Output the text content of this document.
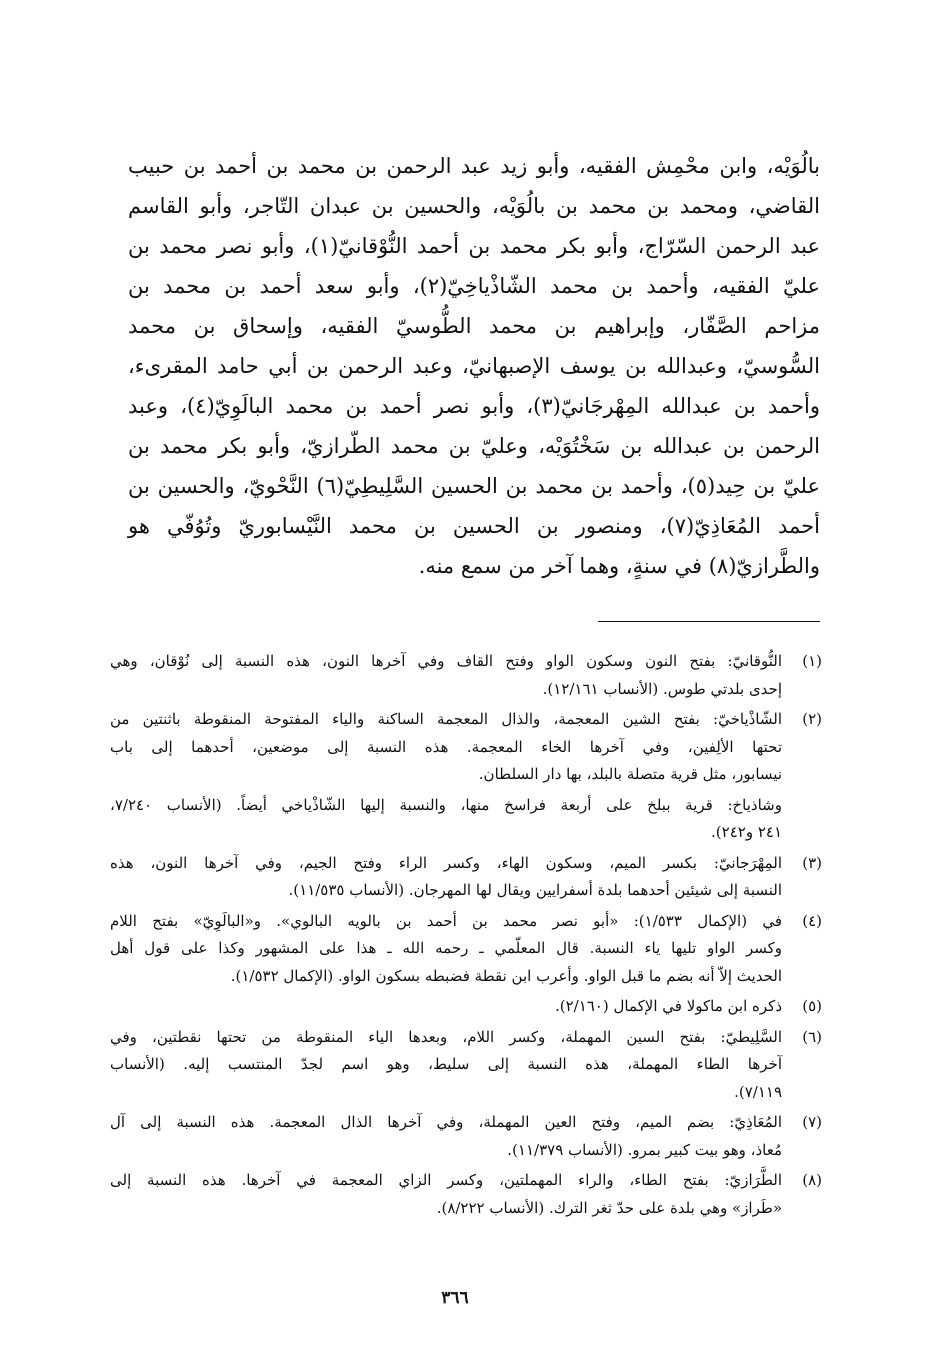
بالُوَيْه، وابن محْمِش الفقيه، وأبو زيد عبد الرحمن بن محمد بن أحمد بن حبيب
القاضي، ومحمد بن محمد بن بالُوَيْه، والحسين بن عبدان التّاجر، وأبو القاسم
عبد الرحمن السّرّاج، وأبو بكر محمد بن أحمد النُّوْقانيّ(١)، وأبو نصر محمد بن
عليّ الفقيه، وأحمد بن محمد الشّاذْياخِيّ(٢)، وأبو سعد أحمد بن محمد بن
مزاحم الصَّفّار، وإبراهيم بن محمد الطُّوسيّ الفقيه، وإسحاق بن محمد
السُّوسيّ، وعبدالله بن يوسف الإصبهانيّ، وعبد الرحمن بن أبي حامد المقرىء،
وأحمد بن عبدالله المِهْرجَانيّ(٣)، وأبو نصر أحمد بن محمد البالَوِيّ(٤)، وعبد
الرحمن بن عبدالله بن سَخْتُوَيْه، وعليّ بن محمد الطّرازيّ، وأبو بكر محمد بن
عليّ بن حِيد(٥)، وأحمد بن محمد بن الحسين السَّلِيطِيّ(٦) النَّحْويّ، والحسين بن
أحمد المُعَاذِيّ(٧)، ومنصور بن الحسين بن محمد النَّيْسابوريّ وتُوُفّي هو
والطَّرازيّ(٨) في سنةٍ، وهما آخر من سمع منه.
(١)
النُّوقانيّ: بفتح النون وسكون الواو وفتح القاف وفي آخرها النون، هذه النسبة إلى نُوْقان، وهي
إحدى بلدتي طوس. (الأنساب ١٢/١٦١).
(٢)
الشّاذْياخيّ: بفتح الشين المعجمة، والذال المعجمة الساكنة والياء المفتوحة المنقوطة باثنتين من
تحتها الألِفين، وفي آخرها الخاء المعجمة. هذه النسبة إلى موضعين، أحدهما إلى باب
نيسابور، مثل قرية متصلة بالبلد، بها دار السلطان.
وشاذياخ: قرية ببلخ على أربعة فراسخ منها، والنسبة إليها الشّاذْياخي أيضاً. (الأنساب ٧/٢٤٠،
٢٤١ و٢٤٢).
(٣)
المِهْرَجانيّ: بكسر الميم، وسكون الهاء، وكسر الراء وفتح الجيم، وفي آخرها النون، هذه
النسبة إلى شيئين أحدهما بلدة أسفرايين ويقال لها المهرجان. (الأنساب ١١/٥٣٥).
(٤)
في (الإكمال ١/٥٣٣): «أبو نصر محمد بن أحمد بن بالويه البالوي». و«البالَوِيّ» بفتح اللام
وكسر الواو تليها ياء النسبة. قال المعلّمي ـ رحمه الله ـ هذا على المشهور وكذا على قول أهل
الحديث إلاّ أنه بضم ما قبل الواو. وأعرب ابن نقطة فضبطه بسكون الواو. (الإكمال ١/٥٣٢).
(٥)
ذكره ابن ماكولا في الإكمال (٢/١٦٠).
(٦)
السَّلِيطيّ: بفتح السين المهملة، وكسر اللام، وبعدها الياء المنقوطة من تحتها نقطتين، وفي
آخرها الطاء المهملة، هذه النسبة إلى سليط، وهو اسم لجدّ المنتسب إليه. (الأنساب
٧/١١٩).
(٧)
المُعَاذِيّ: بضم الميم، وفتح العين المهملة، وفي آخرها الذال المعجمة. هذه النسبة إلى آل
مُعاذ، وهو بيت كبير بمرو. (الأنساب ١١/٣٧٩).
(٨)
الطَّرَازيّ: بفتح الطاء، والراء المهملتين، وكسر الزاي المعجمة في آخرها. هذه النسبة إلى
«طَراز» وهي بلدة على حدّ ثغر الترك. (الأنساب ٨/٢٢٢).
٣٦٦
